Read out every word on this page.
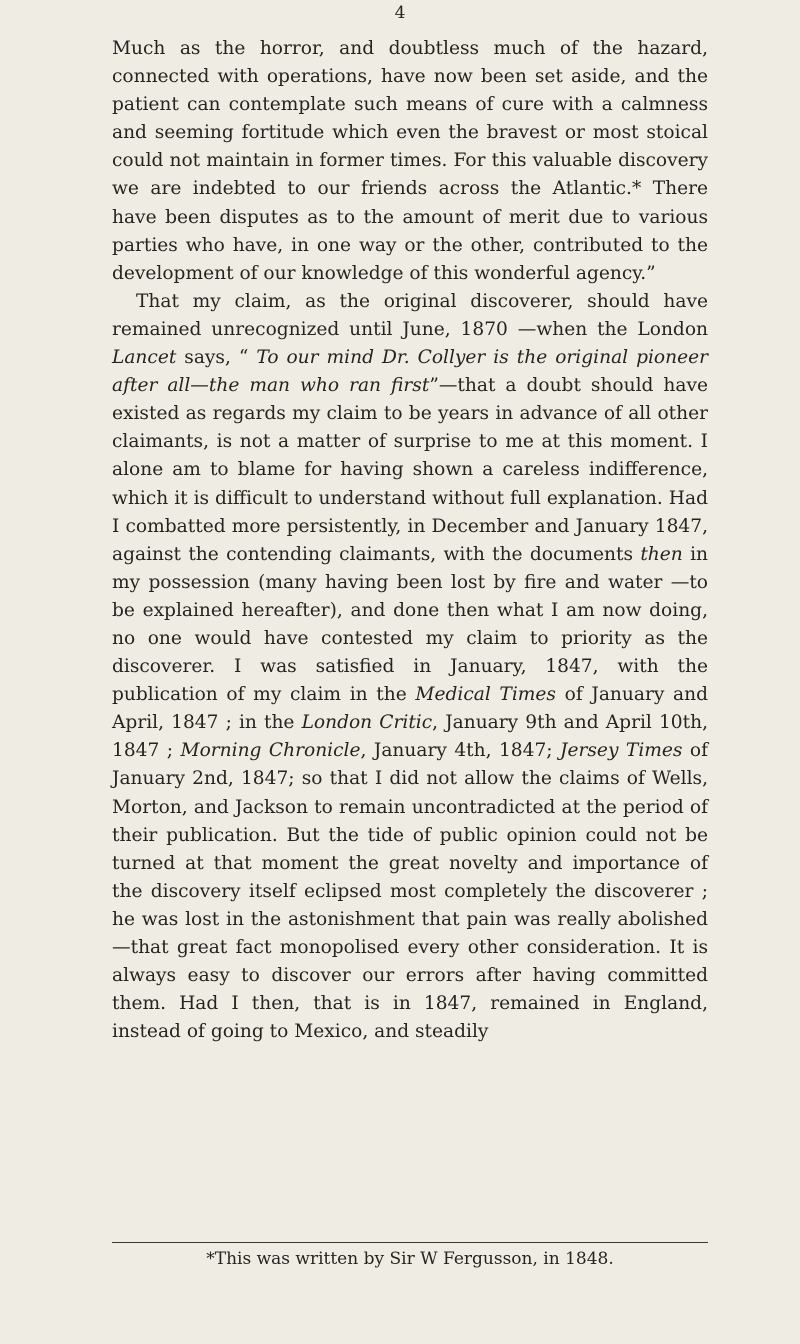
4

Much as the horror, and doubtless much of the hazard, connected with operations, have now been set aside, and the patient can contemplate such means of cure with a calmness and seeming fortitude which even the bravest or most stoical could not maintain in former times. For this valuable discovery we are indebted to our friends across the Atlantic.* There have been disputes as to the amount of merit due to various parties who have, in one way or the other, contributed to the development of our knowledge of this wonderful agency.”

That my claim, as the original discoverer, should have remained unrecognized until June, 1870 —when the London Lancet says, “ To our mind Dr. Collyer is the original pioneer after all—the man who ran first”—that a doubt should have existed as regards my claim to be years in advance of all other claimants, is not a matter of surprise to me at this moment. I alone am to blame for having shown a careless indifference, which it is difficult to understand without full explanation. Had I combatted more persistently, in December and January 1847, against the contending claimants, with the documents then in my possession (many having been lost by fire and water —to be explained hereafter), and done then what I am now doing, no one would have contested my claim to priority as the discoverer. I was satisfied in January, 1847, with the publication of my claim in the Medical Times of January and April, 1847 ; in the London Critic, January 9th and April 10th, 1847 ; Morning Chronicle, January 4th, 1847; Jersey Times of January 2nd, 1847; so that I did not allow the claims of Wells, Morton, and Jackson to remain uncontradicted at the period of their publication. But the tide of public opinion could not be turned at that moment the great novelty and importance of the discovery itself eclipsed most completely the discoverer ; he was lost in the astonishment that pain was really abolished—that great fact monopolised every other consideration. It is always easy to discover our errors after having committed them. Had I then, that is in 1847, remained in England, instead of going to Mexico, and steadily

*This was written by Sir W Fergusson, in 1848.
